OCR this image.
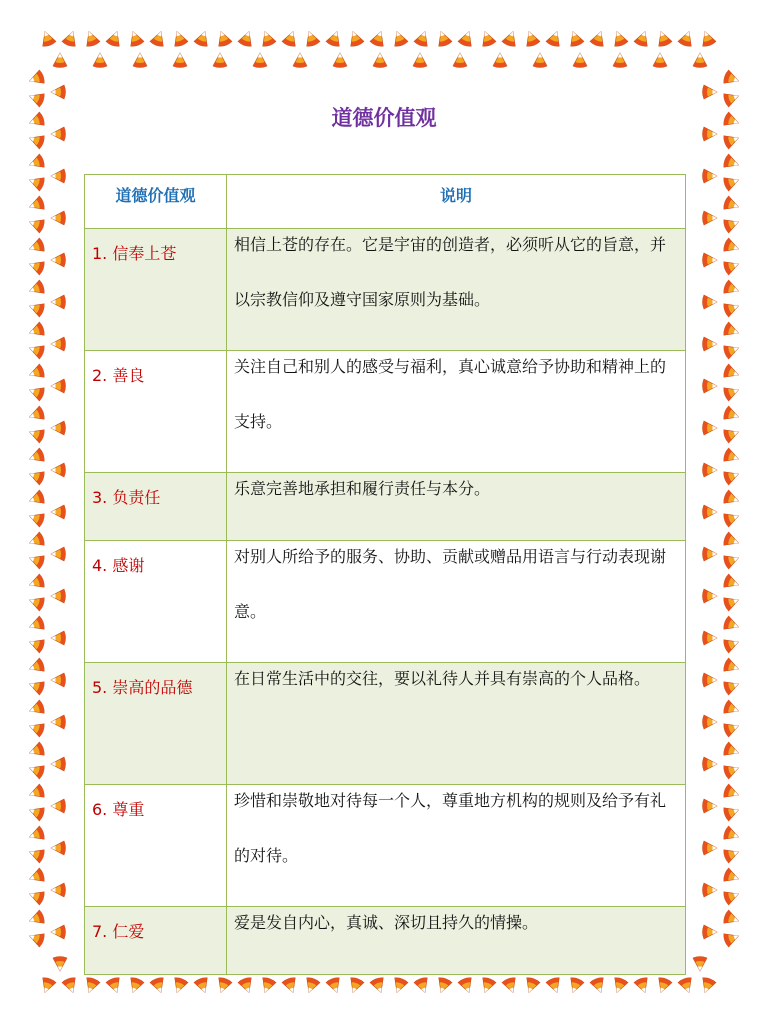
道德价值观
道德价值观	说明
1. 信奉上苍	相信上苍的存在。它是宇宙的创造者，必须听从它的旨意，并以宗教信仰及遵守国家原则为基础。

2. 善良	关注自己和别人的感受与福利，真心诚意给予协助和精神上的支持。

3. 负责任	乐意完善地承担和履行责任与本分。

4. 感谢	对别人所给予的服务、协助、贡献或赠品用语言与行动表现谢意。

5. 崇高的品德	在日常生活中的交往，要以礼待人并具有崇高的个人品格。

6. 尊重	珍惜和崇敬地对待每一个人，尊重地方机构的规则及给予有礼的对待。

7. 仁爱	爱是发自内心，真诚、深切且持久的情操。
